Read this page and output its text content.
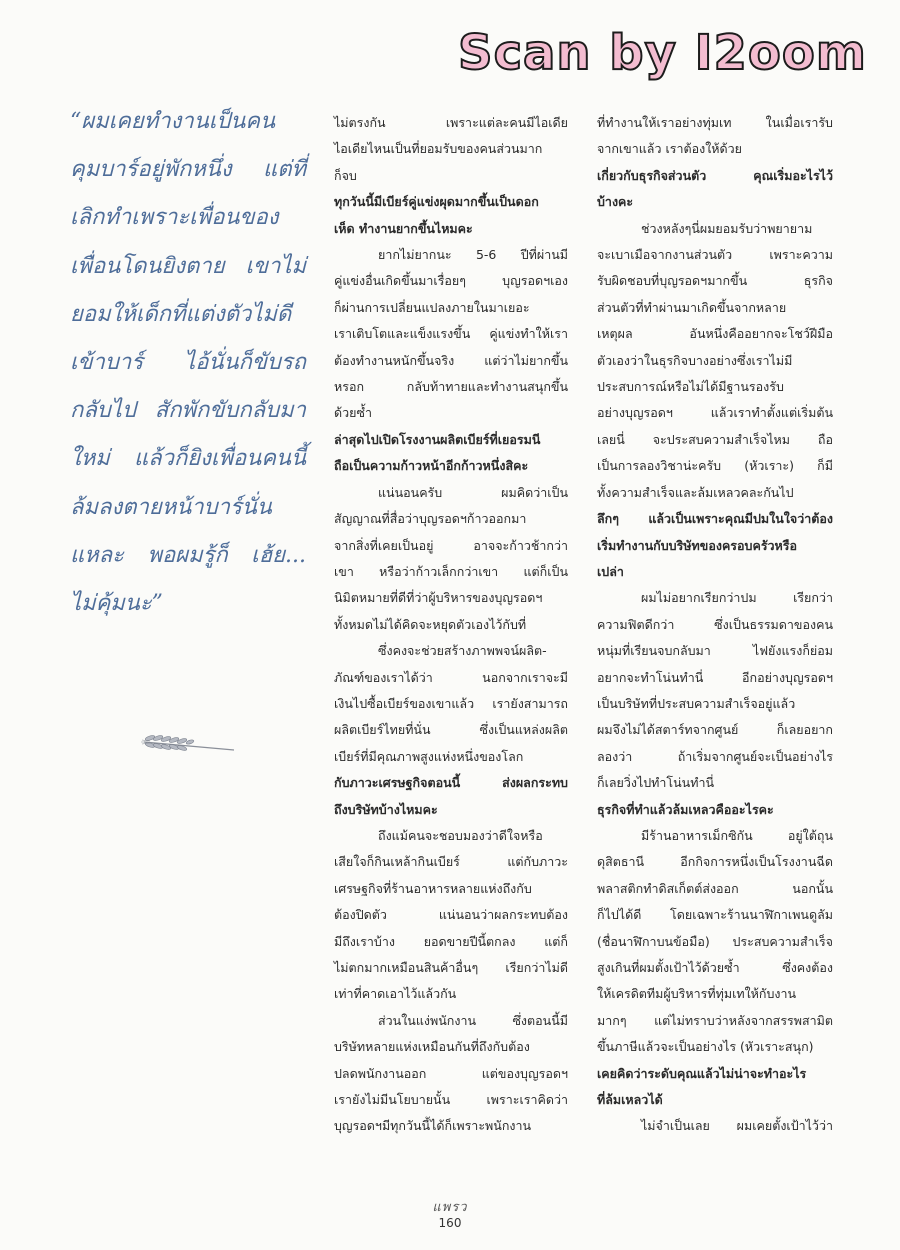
Scan by I2oom
“ผมเคยทำงานเป็นคน
คุมบาร์อยู่พักหนึ่ง แต่ที่
เลิกทำเพราะเพื่อนของ
เพื่อนโดนยิงตาย เขาไม่
ยอมให้เด็กที่แต่งตัวไม่ดี
เข้าบาร์ ไอ้นั่นก็ขับรถ
กลับไป สักพักขับกลับมา
ใหม่ แล้วก็ยิงเพื่อนคนนี้
ล้มลงตายหน้าบาร์นั่น
แหละ พอผมรู้ก็ เฮ้ย...
ไม่คุ้มนะ”
ไม่ตรงกัน เพราะแต่ละคนมีไอเดีย
ไอเดียไหนเป็นที่ยอมรับของคนส่วนมาก
ก็จบ
ทุกวันนี้มีเบียร์คู่แข่งผุดมากขึ้นเป็นดอก
เห็ด ทำงานยากขึ้นไหมคะ
ยากไม่ยากนะ 5-6 ปีที่ผ่านมี
คู่แข่งอื่นเกิดขึ้นมาเรื่อยๆ บุญรอดฯเอง
ก็ผ่านการเปลี่ยนแปลงภายในมาเยอะ
เราเติบโตและแข็งแรงขึ้น คู่แข่งทำให้เรา
ต้องทำงานหนักขึ้นจริง แต่ว่าไม่ยากขึ้น
หรอก กลับท้าทายและทำงานสนุกขึ้น
ด้วยซ้ำ
ล่าสุดไปเปิดโรงงานผลิตเบียร์ที่เยอรมนี
ถือเป็นความก้าวหน้าอีกก้าวหนึ่งสิคะ
แน่นอนครับ ผมคิดว่าเป็น
สัญญาณที่สื่อว่าบุญรอดฯก้าวออกมา
จากสิ่งที่เคยเป็นอยู่ อาจจะก้าวช้ากว่า
เขา หรือว่าก้าวเล็กกว่าเขา แต่ก็เป็น
นิมิตหมายที่ดีที่ว่าผู้บริหารของบุญรอดฯ
ทั้งหมดไม่ได้คิดจะหยุดตัวเองไว้กับที่
ซึ่งคงจะช่วยสร้างภาพพจน์ผลิต-
ภัณฑ์ของเราได้ว่า นอกจากเราจะมี
เงินไปซื้อเบียร์ของเขาแล้ว เรายังสามารถ
ผลิตเบียร์ไทยที่นั่น ซึ่งเป็นแหล่งผลิต
เบียร์ที่มีคุณภาพสูงแห่งหนึ่งของโลก
กับภาวะเศรษฐกิจตอนนี้ ส่งผลกระทบ
ถึงบริษัทบ้างไหมคะ
ถึงแม้คนจะชอบมองว่าดีใจหรือ
เสียใจก็กินเหล้ากินเบียร์ แต่กับภาวะ
เศรษฐกิจที่ร้านอาหารหลายแห่งถึงกับ
ต้องปิดตัว แน่นอนว่าผลกระทบต้อง
มีถึงเราบ้าง ยอดขายปีนี้ตกลง แต่ก็
ไม่ตกมากเหมือนสินค้าอื่นๆ เรียกว่าไม่ดี
เท่าที่คาดเอาไว้แล้วกัน
ส่วนในแง่พนักงาน ซึ่งตอนนี้มี
บริษัทหลายแห่งเหมือนกันที่ถึงกับต้อง
ปลดพนักงานออก แต่ของบุญรอดฯ
เรายังไม่มีนโยบายนั้น เพราะเราคิดว่า
บุญรอดฯมีทุกวันนี้ได้ก็เพราะพนักงาน
ที่ทำงานให้เราอย่างทุ่มเท ในเมื่อเรารับ
จากเขาแล้ว เราต้องให้ด้วย
เกี่ยวกับธุรกิจส่วนตัว คุณเริ่มอะไรไว้
บ้างคะ
ช่วงหลังๆนี่ผมยอมรับว่าพยายาม
จะเบาเมือจากงานส่วนตัว เพราะความ
รับผิดชอบที่บุญรอดฯมากขึ้น ธุรกิจ
ส่วนตัวที่ทำผ่านมาเกิดขึ้นจากหลาย
เหตุผล อันหนึ่งคืออยากจะโชว์ฝีมือ
ตัวเองว่าในธุรกิจบางอย่างซึ่งเราไม่มี
ประสบการณ์หรือไม่ได้มีฐานรองรับ
อย่างบุญรอดฯ แล้วเราทำตั้งแต่เริ่มต้น
เลยนี่ จะประสบความสำเร็จไหม ถือ
เป็นการลองวิชาน่ะครับ (หัวเราะ) ก็มี
ทั้งความสำเร็จและล้มเหลวคละกันไป
ลึกๆ แล้วเป็นเพราะคุณมีปมในใจว่าต้อง
เริ่มทำงานกับบริษัทของครอบครัวหรือ
เปล่า
ผมไม่อยากเรียกว่าปม เรียกว่า
ความฟิตดีกว่า ซึ่งเป็นธรรมดาของคน
หนุ่มที่เรียนจบกลับมา ไฟยังแรงก็ย่อม
อยากจะทำโน่นทำนี่ อีกอย่างบุญรอดฯ
เป็นบริษัทที่ประสบความสำเร็จอยู่แล้ว
ผมจึงไม่ได้สตาร์ทจากศูนย์ ก็เลยอยาก
ลองว่า ถ้าเริ่มจากศูนย์จะเป็นอย่างไร
ก็เลยวิ่งไปทำโน่นทำนี่
ธุรกิจที่ทำแล้วล้มเหลวคืออะไรคะ
มีร้านอาหารเม็กซิกัน อยู่ใต้ถุน
ดุสิตธานี อีกกิจการหนึ่งเป็นโรงงานฉีด
พลาสติกทำดิสเก็ตต์ส่งออก นอกนั้น
ก็ไปได้ดี โดยเฉพาะร้านนาฬิกาเพนดูลัม
(ชื่อนาฬิกาบนข้อมือ) ประสบความสำเร็จ
สูงเกินที่ผมตั้งเป้าไว้ด้วยซ้ำ ซึ่งคงต้อง
ให้เครดิตทีมผู้บริหารที่ทุ่มเทให้กับงาน
มากๆ แต่ไม่ทราบว่าหลังจากสรรพสามิต
ขึ้นภาษีแล้วจะเป็นอย่างไร (หัวเราะสนุก)
เคยคิดว่าระดับคุณแล้วไม่น่าจะทำอะไร
ที่ล้มเหลวได้
ไม่จำเป็นเลย ผมเคยตั้งเป้าไว้ว่า
แพรว
160
